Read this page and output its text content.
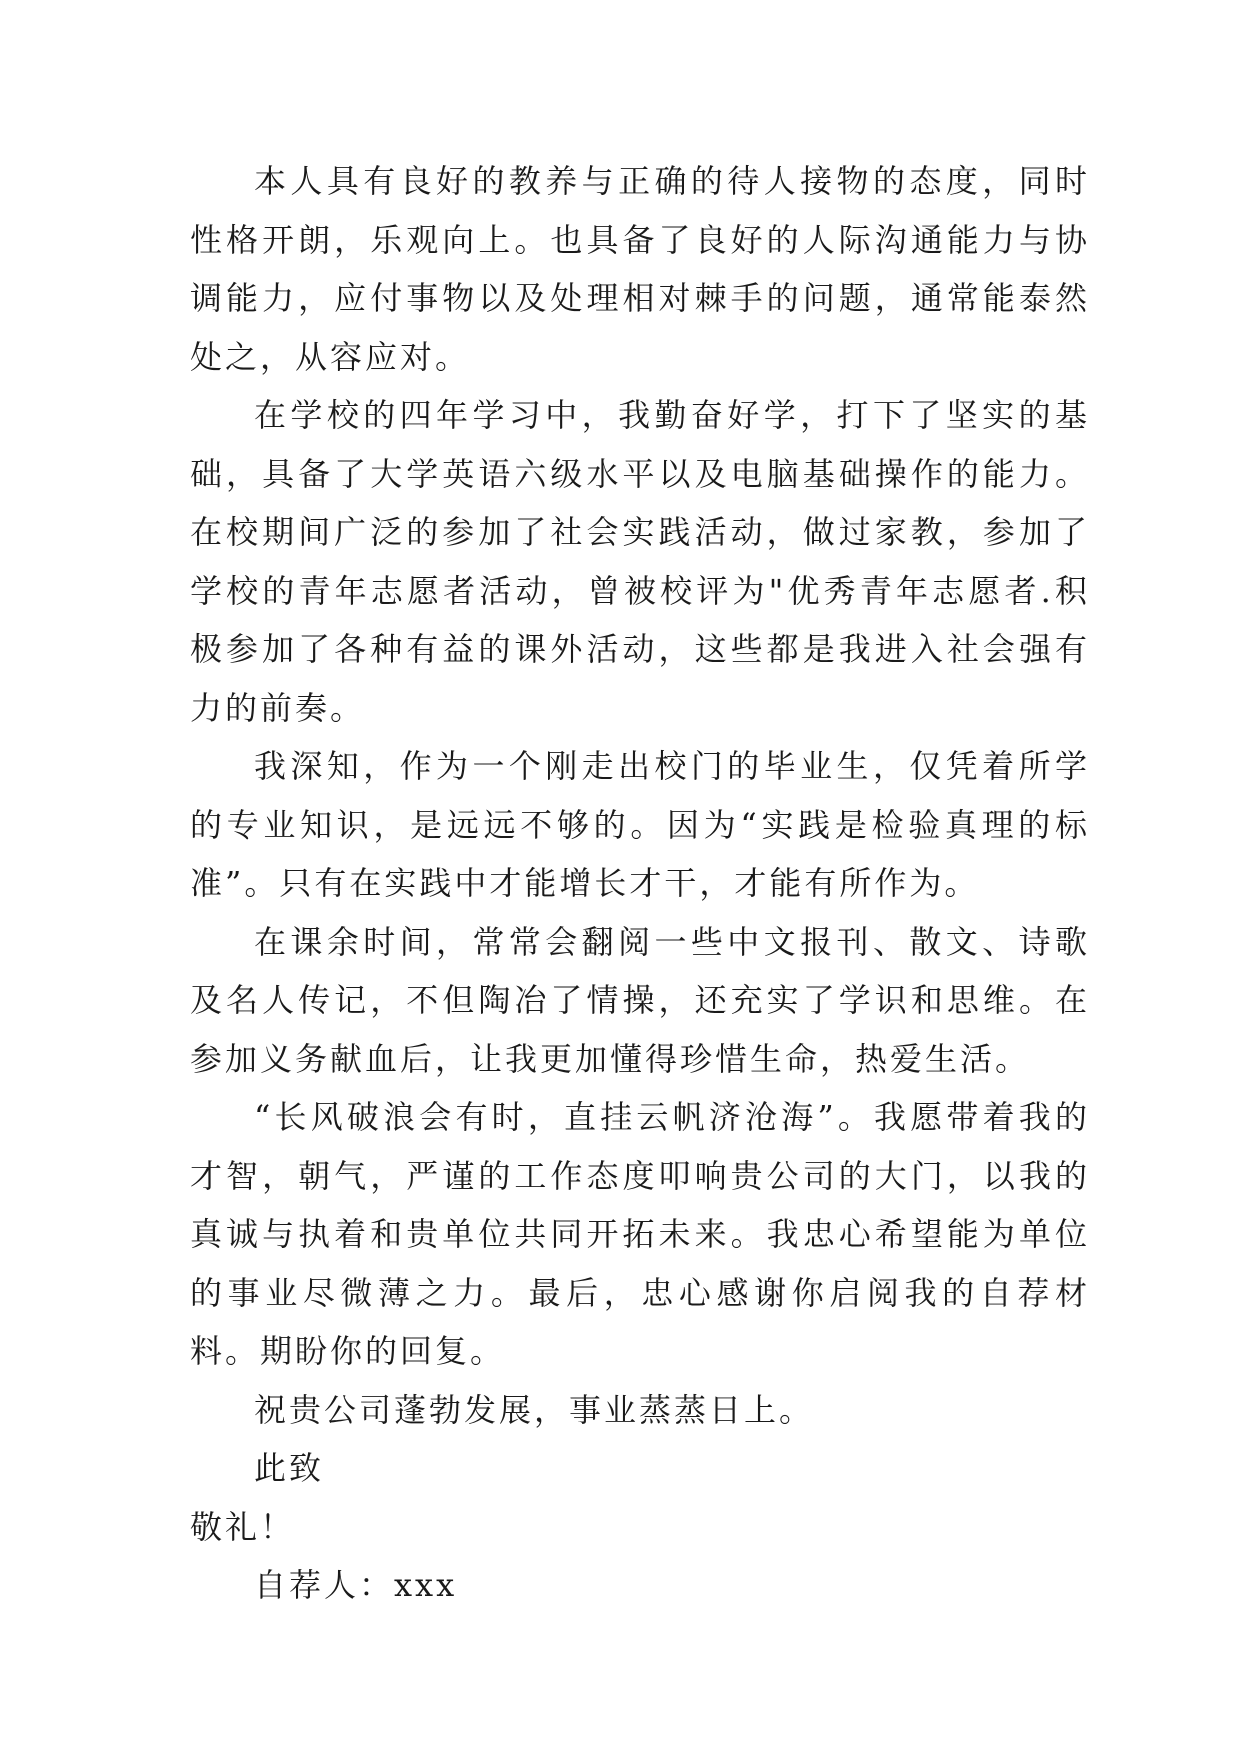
本人具有良好的教养与正确的待人接物的态度，同时性格开朗，乐观向上。也具备了良好的人际沟通能力与协调能力，应付事物以及处理相对棘手的问题，通常能泰然处之，从容应对。

在学校的四年学习中，我勤奋好学，打下了坚实的基础，具备了大学英语六级水平以及电脑基础操作的能力。在校期间广泛的参加了社会实践活动，做过家教，参加了学校的青年志愿者活动，曾被校评为"优秀青年志愿者.积极参加了各种有益的课外活动，这些都是我进入社会强有力的前奏。

我深知，作为一个刚走出校门的毕业生，仅凭着所学的专业知识，是远远不够的。因为“实践是检验真理的标准”。只有在实践中才能增长才干，才能有所作为。

在课余时间，常常会翻阅一些中文报刊、散文、诗歌及名人传记，不但陶冶了情操，还充实了学识和思维。在参加义务献血后，让我更加懂得珍惜生命，热爱生活。

“长风破浪会有时，直挂云帆济沧海”。我愿带着我的才智，朝气，严谨的工作态度叩响贵公司的大门，以我的真诚与执着和贵单位共同开拓未来。我忠心希望能为单位的事业尽微薄之力。最后，忠心感谢你启阅我的自荐材料。期盼你的回复。

祝贵公司蓬勃发展，事业蒸蒸日上。

此致

敬礼！

自荐人：xxx
